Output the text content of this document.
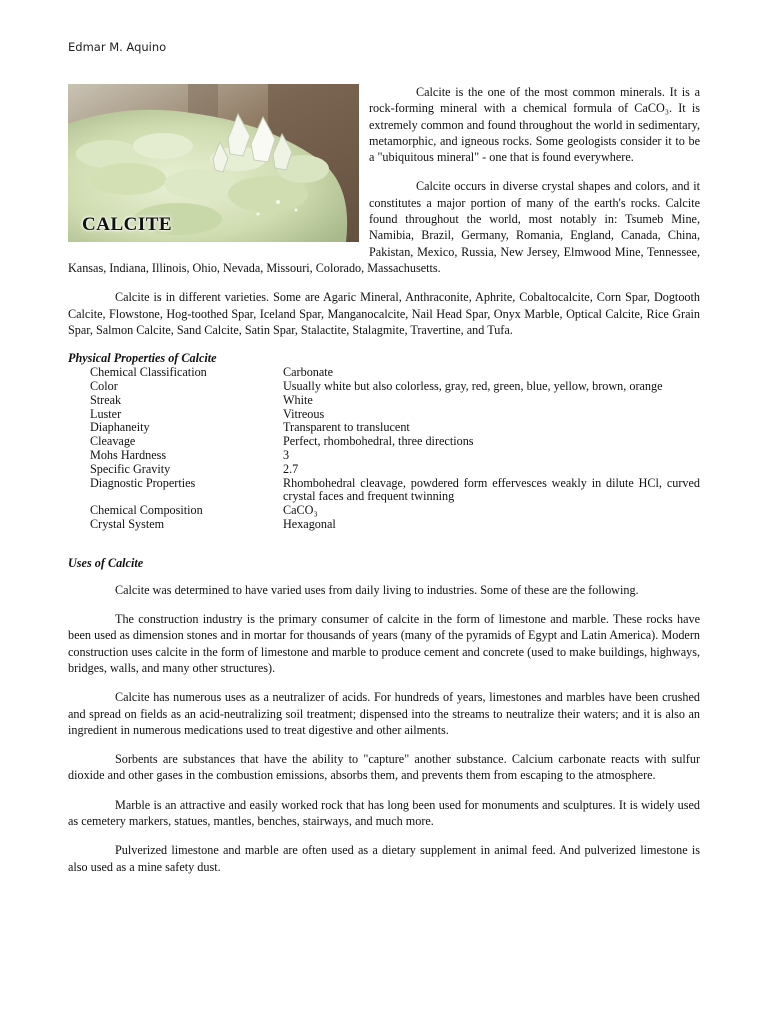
Edmar M. Aquino
CALCITE

Calcite is the one of the most common minerals. It is a rock-forming mineral with a chemical formula of CaCO₃. It is extremely common and found throughout the world in sedimentary, metamorphic, and igneous rocks. Some geologists consider it to be a "ubiquitous mineral" - one that is found everywhere.

Calcite occurs in diverse crystal shapes and colors, and it constitutes a major portion of many of the earth's rocks. Calcite found throughout the world, most notably in: Tsumeb Mine, Namibia, Brazil, Germany, Romania, England, Canada, China, Pakistan, Mexico, Russia, New Jersey, Elmwood Mine, Tennessee, Kansas, Indiana, Illinois, Ohio, Nevada, Missouri, Colorado, Massachusetts.

Calcite is in different varieties. Some are Agaric Mineral, Anthraconite, Aphrite, Cobaltocalcite, Corn Spar, Dogtooth Calcite, Flowstone, Hog-toothed Spar, Iceland Spar, Manganocalcite, Nail Head Spar, Onyx Marble, Optical Calcite, Rice Grain Spar, Salmon Calcite, Sand Calcite, Satin Spar, Stalactite, Stalagmite, Travertine, and Tufa.

Physical Properties of Calcite
Chemical Classification	Carbonate
Color	Usually white but also colorless, gray, red, green, blue, yellow, brown, orange
Streak	White
Luster	Vitreous
Diaphaneity	Transparent to translucent
Cleavage	Perfect, rhombohedral, three directions
Mohs Hardness	3
Specific Gravity	2.7
Diagnostic Properties	Rhombohedral cleavage, powdered form effervesces weakly in dilute HCl, curved crystal faces and frequent twinning
Chemical Composition	CaCO₃
Crystal System	Hexagonal
Uses of Calcite

Calcite was determined to have varied uses from daily living to industries. Some of these are the following.

The construction industry is the primary consumer of calcite in the form of limestone and marble. These rocks have been used as dimension stones and in mortar for thousands of years (many of the pyramids of Egypt and Latin America). Modern construction uses calcite in the form of limestone and marble to produce cement and concrete (used to make buildings, highways, bridges, walls, and many other structures).

Calcite has numerous uses as a neutralizer of acids. For hundreds of years, limestones and marbles have been crushed and spread on fields as an acid-neutralizing soil treatment; dispensed into the streams to neutralize their waters; and it is also an ingredient in numerous medications used to treat digestive and other ailments.

Sorbents are substances that have the ability to "capture" another substance. Calcium carbonate reacts with sulfur dioxide and other gases in the combustion emissions, absorbs them, and prevents them from escaping to the atmosphere.

Marble is an attractive and easily worked rock that has long been used for monuments and sculptures. It is widely used as cemetery markers, statues, mantles, benches, stairways, and much more.

Pulverized limestone and marble are often used as a dietary supplement in animal feed. And pulverized limestone is also used as a mine safety dust.
